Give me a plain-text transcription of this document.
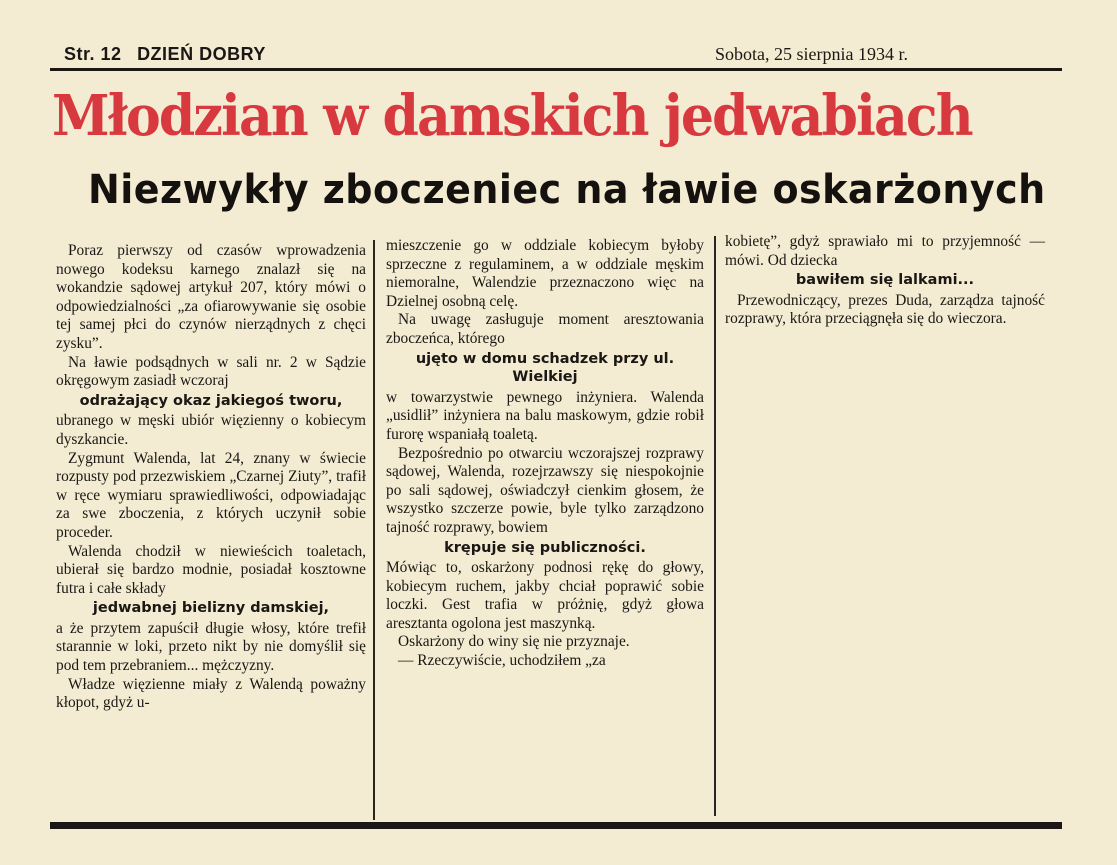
Str. 12 DZIEŃ DOBRY	Sobota, 25 sierpnia 1934 r.
Młodzian w damskich jedwabiach
Niezwykły zboczeniec na ławie oskarżonych

Poraz pierwszy od czasów wprowadzenia nowego kodeksu karnego znalazł się na wokandzie sądowej artykuł 207, który mówi o odpowiedzialności „za ofiarowywanie się osobie tej samej płci do czynów nierządnych z chęci zysku”.

Na ławie podsądnych w sali nr. 2 w Sądzie okręgowym zasiadł wczoraj

odrażający okaz jakiegoś tworu,

ubranego w męski ubiór więzienny o kobiecym dyszkancie.

Zygmunt Walenda, lat 24, znany w świecie rozpusty pod przezwiskiem „Czarnej Ziuty”, trafił w ręce wymiaru sprawiedliwości, odpowiadając za swe zboczenia, z których uczynił sobie proceder.

Walenda chodził w niewieścich toaletach, ubierał się bardzo modnie, posiadał kosztowne futra i całe składy

jedwabnej bielizny damskiej,

a że przytem zapuścił długie włosy, które trefił starannie w loki, przeto nikt by nie domyślił się pod tem przebraniem... mężczyzny.

Władze więzienne miały z Walendą poważny kłopot, gdyż u-

mieszczenie go w oddziale kobiecym byłoby sprzeczne z regulaminem, a w oddziale męskim niemoralne, Walendzie przeznaczono więc na Dzielnej osobną celę.

Na uwagę zasługuje moment aresztowania zboczeńca, którego

ujęto w domu schadzek przy ul. Wielkiej

w towarzystwie pewnego inżyniera. Walenda „usidlił” inżyniera na balu maskowym, gdzie robił furorę wspaniałą toaletą.

Bezpośrednio po otwarciu wczorajszej rozprawy sądowej, Walenda, rozejrzawszy się niespokojnie po sali sądowej, oświadczył cienkim głosem, że wszystko szczerze powie, byle tylko zarządzono tajność rozprawy, bowiem

krępuje się publiczności.

Mówiąc to, oskarżony podnosi rękę do głowy, kobiecym ruchem, jakby chciał poprawić sobie loczki. Gest trafia w próżnię, gdyż głowa aresztanta ogolona jest maszynką.

Oskarżony do winy się nie przyznaje.

— Rzeczywiście, uchodziłem „za

kobietę”, gdyż sprawiało mi to przyjemność — mówi. Od dziecka

bawiłem się lalkami...

Przewodniczący, prezes Duda, zarządza tajność rozprawy, która przeciągnęła się do wieczora.
